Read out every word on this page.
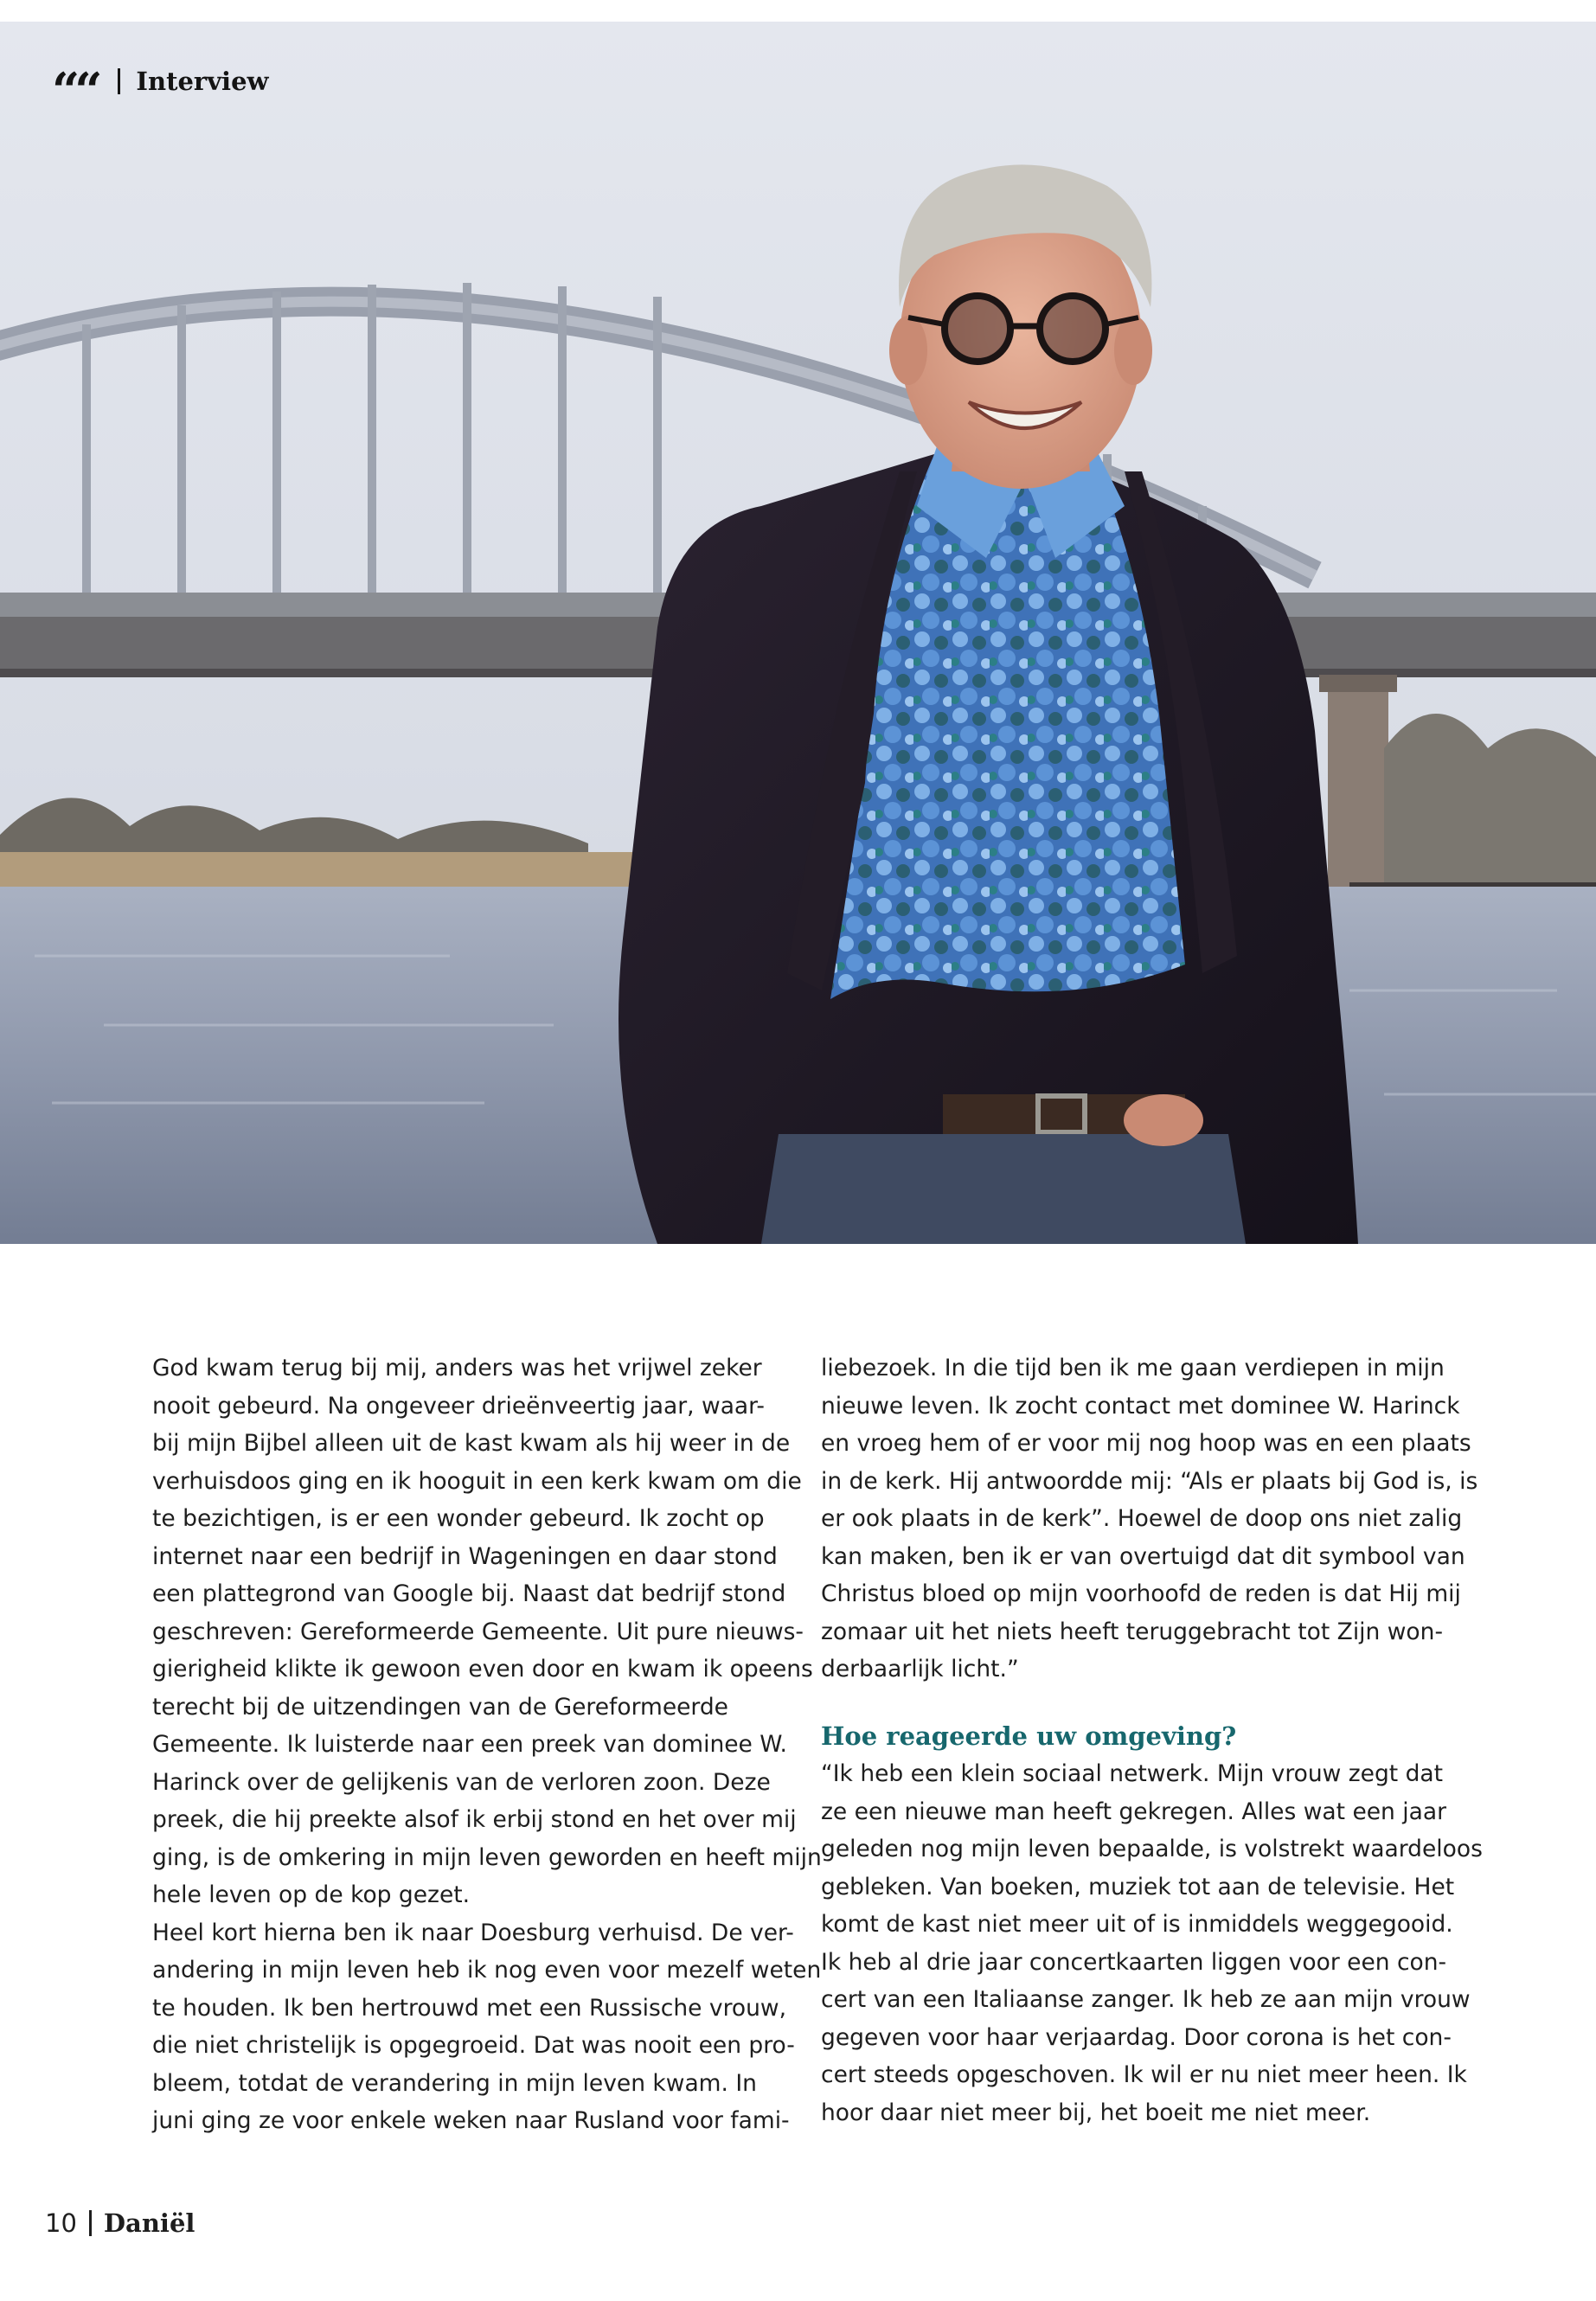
““ Interview

God kwam terug bij mij, anders was het vrijwel zeker
nooit gebeurd. Na ongeveer drieënveertig jaar, waar-
bij mijn Bijbel alleen uit de kast kwam als hij weer in de
verhuisdoos ging en ik hooguit in een kerk kwam om die
te bezichtigen, is er een wonder gebeurd. Ik zocht op
internet naar een bedrijf in Wageningen en daar stond
een plattegrond van Google bij. Naast dat bedrijf stond
geschreven: Gereformeerde Gemeente. Uit pure nieuws-
gierigheid klikte ik gewoon even door en kwam ik opeens
terecht bij de uitzendingen van de Gereformeerde
Gemeente. Ik luisterde naar een preek van dominee W.
Harinck over de gelijkenis van de verloren zoon. Deze
preek, die hij preekte alsof ik erbij stond en het over mij
ging, is de omkering in mijn leven geworden en heeft mijn
hele leven op de kop gezet.

Heel kort hierna ben ik naar Doesburg verhuisd. De ver-
andering in mijn leven heb ik nog even voor mezelf weten
te houden. Ik ben hertrouwd met een Russische vrouw,
die niet christelijk is opgegroeid. Dat was nooit een pro-
bleem, totdat de verandering in mijn leven kwam. In
juni ging ze voor enkele weken naar Rusland voor fami-

liebezoek. In die tijd ben ik me gaan verdiepen in mijn
nieuwe leven. Ik zocht contact met dominee W. Harinck
en vroeg hem of er voor mij nog hoop was en een plaats
in de kerk. Hij antwoordde mij: “Als er plaats bij God is, is
er ook plaats in de kerk”. Hoewel de doop ons niet zalig
kan maken, ben ik er van overtuigd dat dit symbool van
Christus bloed op mijn voorhoofd de reden is dat Hij mij
zomaar uit het niets heeft teruggebracht tot Zijn won-
derbaarlijk licht.”

Hoe reageerde uw omgeving?

“Ik heb een klein sociaal netwerk. Mijn vrouw zegt dat
ze een nieuwe man heeft gekregen. Alles wat een jaar
geleden nog mijn leven bepaalde, is volstrekt waardeloos
gebleken. Van boeken, muziek tot aan de televisie. Het
komt de kast niet meer uit of is inmiddels weggegooid.
Ik heb al drie jaar concertkaarten liggen voor een con-
cert van een Italiaanse zanger. Ik heb ze aan mijn vrouw
gegeven voor haar verjaardag. Door corona is het con-
cert steeds opgeschoven. Ik wil er nu niet meer heen. Ik
hoor daar niet meer bij, het boeit me niet meer.

10 Daniël
